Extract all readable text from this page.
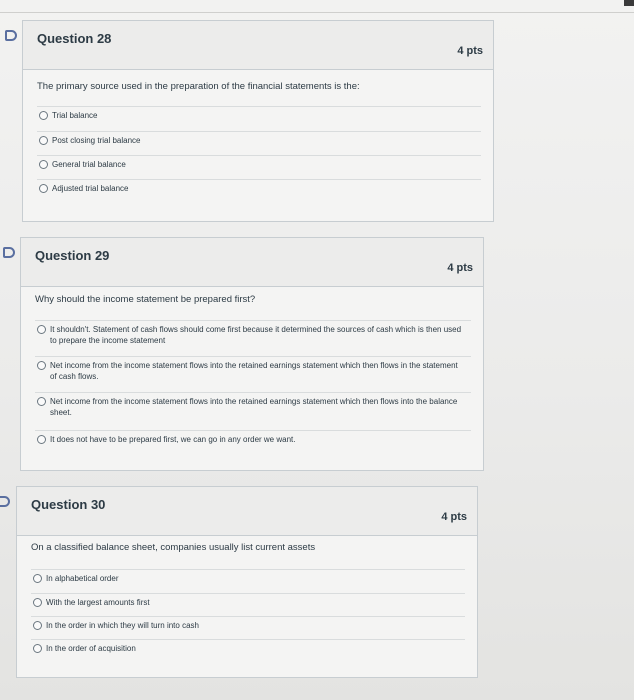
Question 28
4 pts
The primary source used in the preparation of the financial statements is the:
Trial balance
Post closing trial balance
General trial balance
Adjusted trial balance
Question 29
4 pts
Why should the income statement be prepared first?
It shouldn't. Statement of cash flows should come first because it determined the sources of cash which is then used to prepare the income statement
Net income from the income statement flows into the retained earnings statement which then flows in the statement of cash flows.
Net income from the income statement flows into the retained earnings statement which then flows into the balance sheet.
It does not have to be prepared first, we can go in any order we want.
Question 30
4 pts
On a classified balance sheet, companies usually list current assets
In alphabetical order
With the largest amounts first
In the order in which they will turn into cash
In the order of acquisition
